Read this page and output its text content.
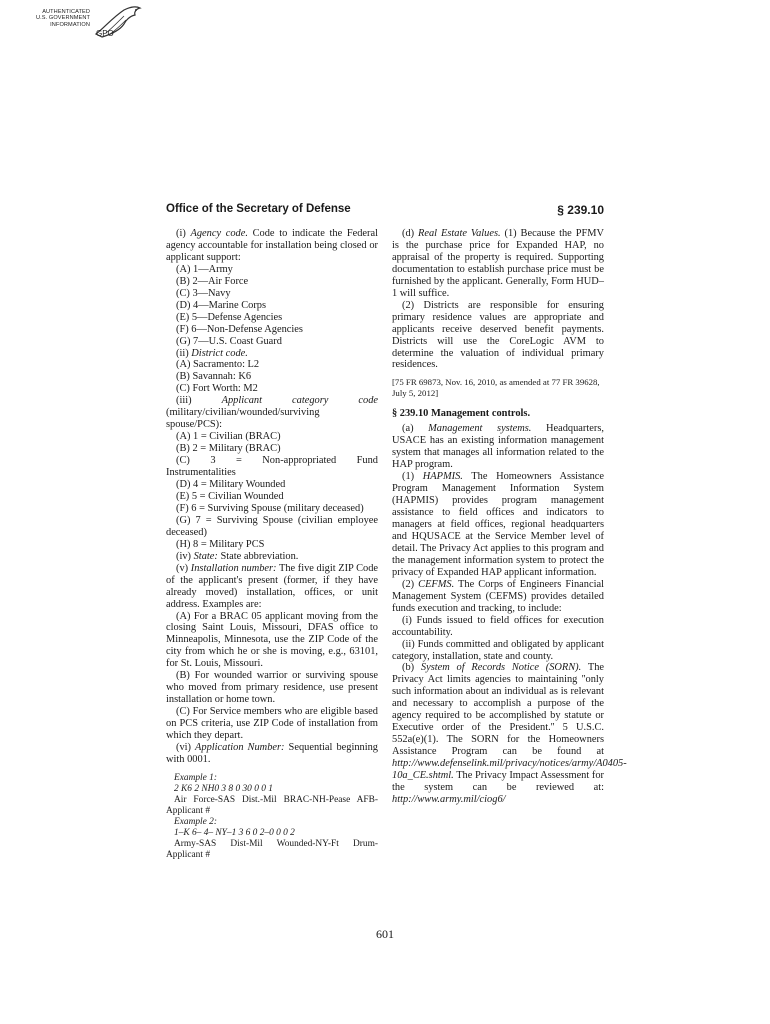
AUTHENTICATED
U.S. GOVERNMENT
INFORMATION
GPO
Office of the Secretary of Defense	§ 239.10

(i) Agency code. Code to indicate the Federal agency accountable for installation being closed or applicant support:

(A) 1—Army

(B) 2—Air Force

(C) 3—Navy

(D) 4—Marine Corps

(E) 5—Defense Agencies

(F) 6—Non-Defense Agencies

(G) 7—U.S. Coast Guard

(ii) District code.

(A) Sacramento: L2

(B) Savannah: K6

(C) Fort Worth: M2

(iii) Applicant category code (military/civilian/wounded/surviving spouse/PCS):

(A) 1 = Civilian (BRAC)

(B) 2 = Military (BRAC)

(C) 3 = Non-appropriated Fund Instrumentalities

(D) 4 = Military Wounded

(E) 5 = Civilian Wounded

(F) 6 = Surviving Spouse (military deceased)

(G) 7 = Surviving Spouse (civilian employee deceased)

(H) 8 = Military PCS

(iv) State: State abbreviation.

(v) Installation number: The five digit ZIP Code of the applicant's present (former, if they have already moved) installation, offices, or unit address. Examples are:

(A) For a BRAC 05 applicant moving from the closing Saint Louis, Missouri, DFAS office to Minneapolis, Minnesota, use the ZIP Code of the city from which he or she is moving, e.g., 63101, for St. Louis, Missouri.

(B) For wounded warrior or surviving spouse who moved from primary residence, use present installation or home town.

(C) For Service members who are eligible based on PCS criteria, use ZIP Code of installation from which they depart.

(vi) Application Number: Sequential beginning with 0001.

Example 1:

2 K6 2 NH0 3 8 0 30 0 0 1

Air Force-SAS Dist.-Mil BRAC-NH-Pease AFB-Applicant #

Example 2:

1–K 6– 4– NY–1 3 6 0 2–0 0 0 2

Army-SAS Dist-Mil Wounded-NY-Ft Drum-Applicant #

(d) Real Estate Values. (1) Because the PFMV is the purchase price for Expanded HAP, no appraisal of the property is required. Supporting documentation to establish purchase price must be furnished by the applicant. Generally, Form HUD–1 will suffice.

(2) Districts are responsible for ensuring primary residence values are appropriate and applicants receive deserved benefit payments. Districts will use the CoreLogic AVM to determine the valuation of individual primary residences.

[75 FR 69873, Nov. 16, 2010, as amended at 77 FR 39628, July 5, 2012]

§ 239.10 Management controls.

(a) Management systems. Headquarters, USACE has an existing information management system that manages all information related to the HAP program.

(1) HAPMIS. The Homeowners Assistance Program Management Information System (HAPMIS) provides program management assistance to field offices and indicators to managers at field offices, regional headquarters and HQUSACE at the Service Member level of detail. The Privacy Act applies to this program and the management information system to protect the privacy of Expanded HAP applicant information.

(2) CEFMS. The Corps of Engineers Financial Management System (CEFMS) provides detailed funds execution and tracking, to include:

(i) Funds issued to field offices for execution accountability.

(ii) Funds committed and obligated by applicant category, installation, state and county.

(b) System of Records Notice (SORN). The Privacy Act limits agencies to maintaining ''only such information about an individual as is relevant and necessary to accomplish a purpose of the agency required to be accomplished by statute or Executive order of the President.'' 5 U.S.C. 552a(e)(1). The SORN for the Homeowners Assistance Program can be found at http://www.defenselink.mil/privacy/notices/army/A0405-10a_CE.shtml. The Privacy Impact Assessment for the system can be reviewed at: http://www.army.mil/ciog6/

601
